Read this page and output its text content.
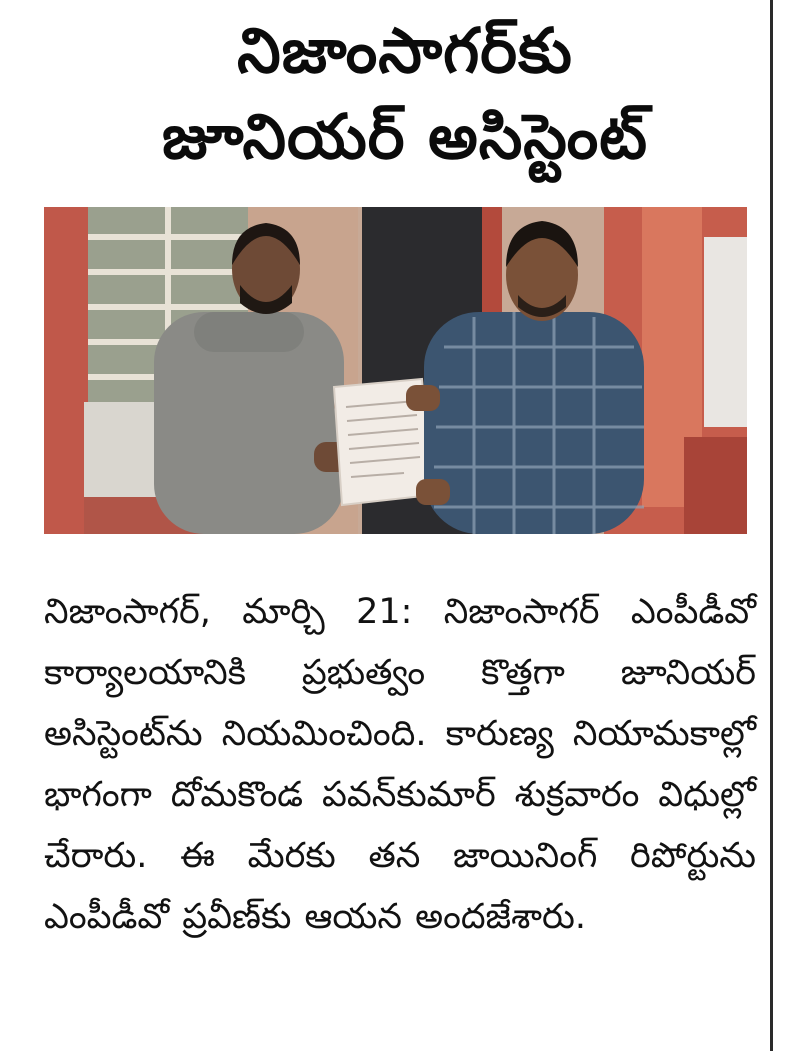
నిజాంసాగర్‌కు
జూనియర్ అసిస్టెంట్

నిజాంసాగర్, మార్చి 21: నిజాంసాగర్ ఎంపీడీవో కార్యాలయానికి ప్రభుత్వం కొత్తగా జూనియర్ అసిస్టెంట్‌ను నియమించింది. కారుణ్య నియామకాల్లో భాగంగా దోమకొండ పవన్‌కుమార్ శుక్రవారం విధుల్లో చేరారు. ఈ మేరకు తన జాయినింగ్ రిపోర్టును ఎంపీడీవో ప్రవీణ్‌కు ఆయన అందజేశారు.
